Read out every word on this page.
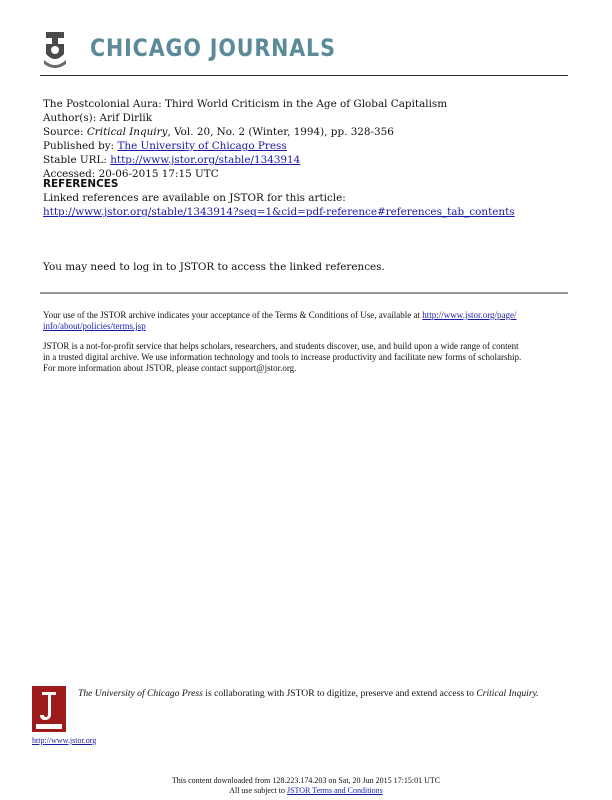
CHICAGO JOURNALS
The Postcolonial Aura: Third World Criticism in the Age of Global Capitalism
Author(s): Arif Dirlik
Source: Critical Inquiry, Vol. 20, No. 2 (Winter, 1994), pp. 328-356
Published by: The University of Chicago Press
Stable URL: http://www.jstor.org/stable/1343914
Accessed: 20-06-2015 17:15 UTC
REFERENCES
Linked references are available on JSTOR for this article:
http://www.jstor.org/stable/1343914?seq=1&cid=pdf-reference#references_tab_contents
You may need to log in to JSTOR to access the linked references.

Your use of the JSTOR archive indicates your acceptance of the Terms & Conditions of Use, available at http://www.jstor.org/page/
info/about/policies/terms.jsp

JSTOR is a not-for-profit service that helps scholars, researchers, and students discover, use, and build upon a wide range of content
in a trusted digital archive. We use information technology and tools to increase productivity and facilitate new forms of scholarship.
For more information about JSTOR, please contact support@jstor.org.

http://www.jstor.org
The University of Chicago Press is collaborating with JSTOR to digitize, preserve and extend access to Critical Inquiry.
This content downloaded from 128.223.174.203 on Sat, 20 Jun 2015 17:15:01 UTC
All use subject to JSTOR Terms and Conditions
